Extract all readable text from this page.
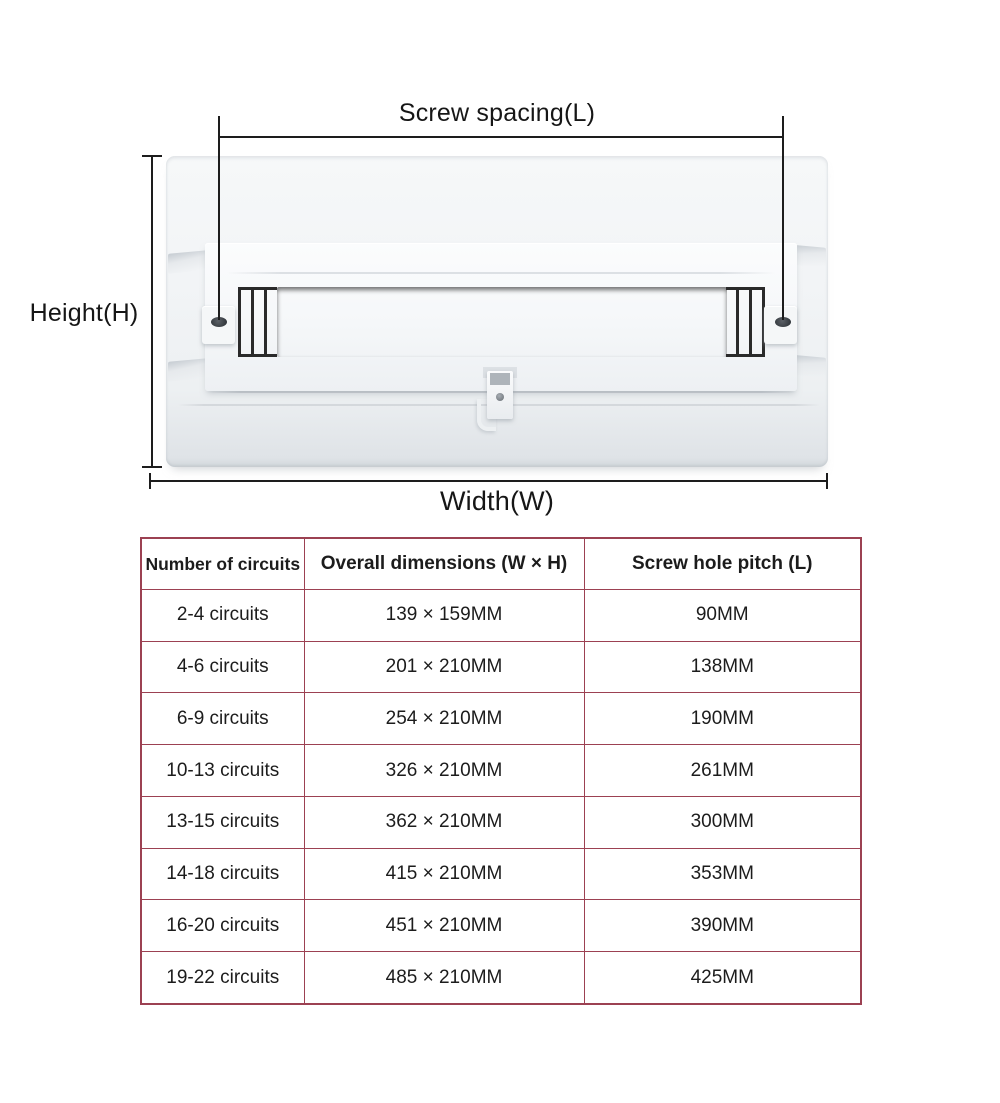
Screw spacing(L)
Height(H)
Width(W)
Number of circuits	Overall dimensions (W × H)	Screw hole pitch (L)
2-4 circuits	139 × 159MM	90MM
4-6 circuits	201 × 210MM	138MM
6-9 circuits	254 × 210MM	190MM
10-13 circuits	326 × 210MM	261MM
13-15 circuits	362 × 210MM	300MM
14-18 circuits	415 × 210MM	353MM
16-20 circuits	451 × 210MM	390MM
19-22 circuits	485 × 210MM	425MM
